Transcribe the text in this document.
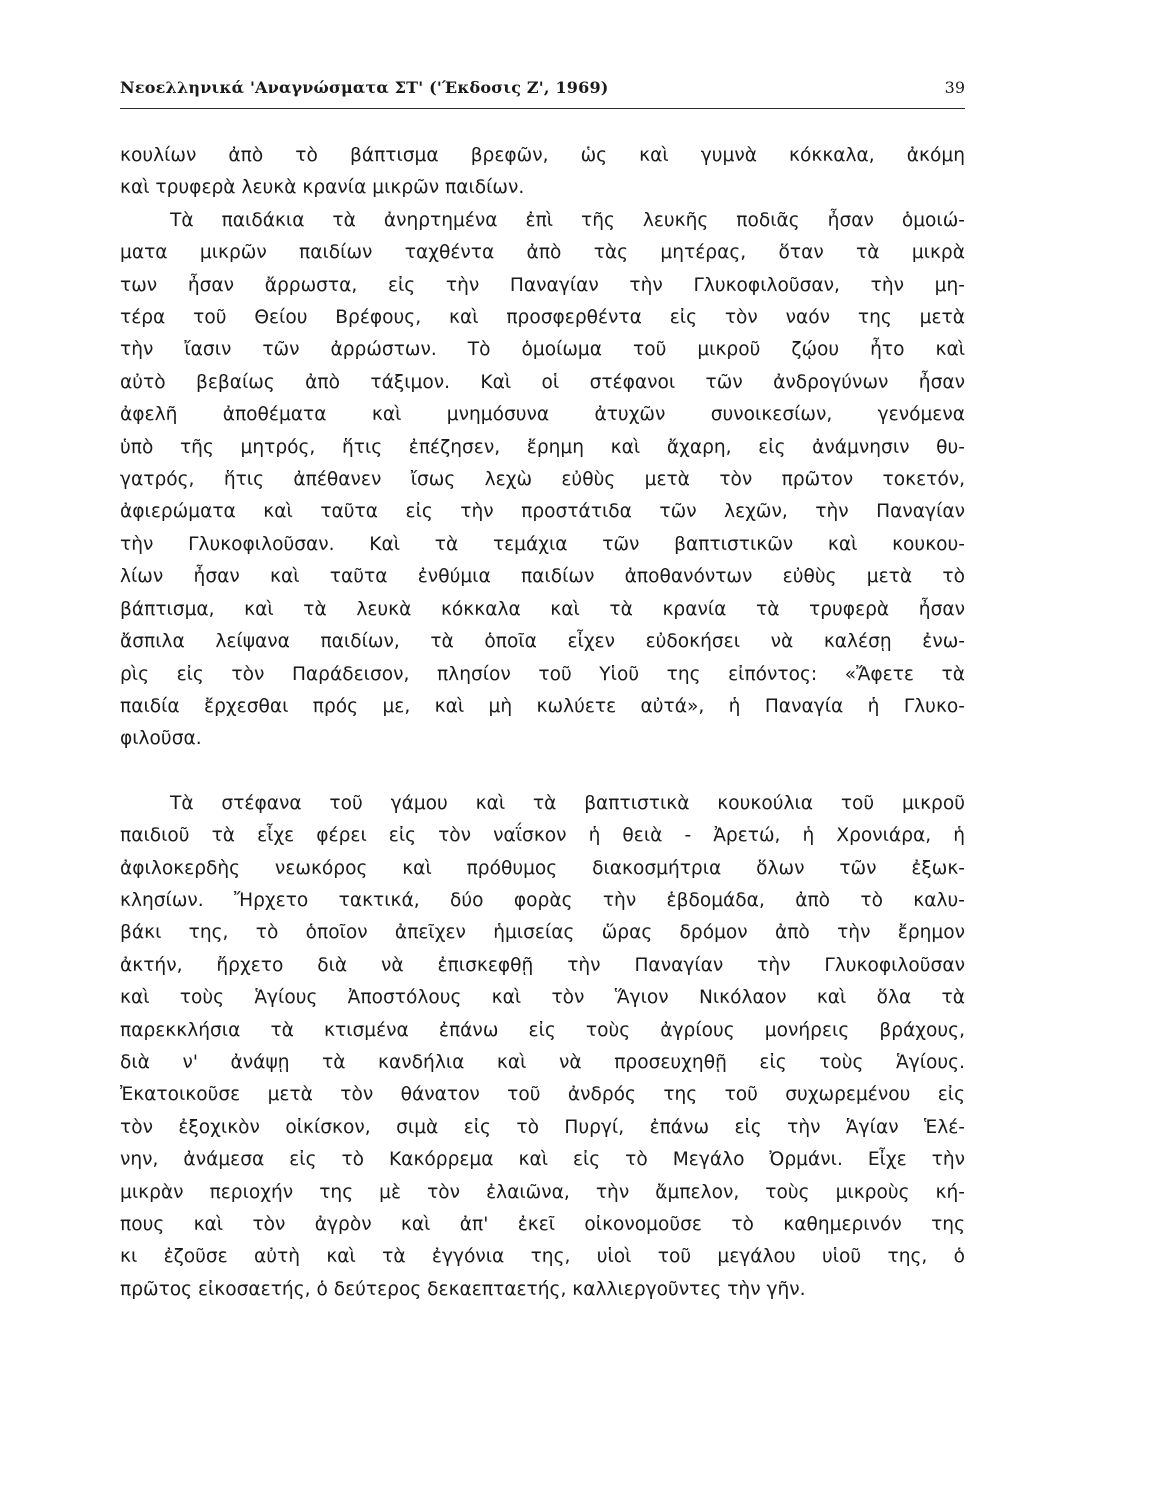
Νεοελληνικά 'Αναγνώσματα ΣΤ' ('Έκδοσις Ζ', 1969)	39

κουλίων ἀπὸ τὸ βάπτισμα βρεφῶν, ὡς καὶ γυμνὰ κόκκαλα, ἀκόμη
καὶ τρυφερὰ λευκὰ κρανία μικρῶν παιδίων.

Τὰ παιδάκια τὰ ἀνηρτημένα ἐπὶ τῆς λευκῆς ποδιᾶς ἦσαν ὁμοιώ-
ματα μικρῶν παιδίων ταχθέντα ἀπὸ τὰς μητέρας, ὅταν τὰ μικρὰ
των ἦσαν ἄρρωστα, εἰς τὴν Παναγίαν τὴν Γλυκοφιλοῦσαν, τὴν μη-
τέρα τοῦ Θείου Βρέφους, καὶ προσφερθέντα εἰς τὸν ναόν της μετὰ
τὴν ἴασιν τῶν ἀρρώστων. Τὸ ὁμοίωμα τοῦ μικροῦ ζῴου ἦτο καὶ
αὐτὸ βεβαίως ἀπὸ τάξιμον. Καὶ οἱ στέφανοι τῶν ἀνδρογύνων ἦσαν
ἀφελῆ ἀποθέματα καὶ μνημόσυνα ἀτυχῶν συνοικεσίων, γενόμενα
ὑπὸ τῆς μητρός, ἥτις ἐπέζησεν, ἔρημη καὶ ἄχαρη, εἰς ἀνάμνησιν θυ-
γατρός, ἥτις ἀπέθανεν ἴσως λεχὼ εὐθὺς μετὰ τὸν πρῶτον τοκετόν,
ἀφιερώματα καὶ ταῦτα εἰς τὴν προστάτιδα τῶν λεχῶν, τὴν Παναγίαν
τὴν Γλυκοφιλοῦσαν. Καὶ τὰ τεμάχια τῶν βαπτιστικῶν καὶ κουκου-
λίων ἦσαν καὶ ταῦτα ἐνθύμια παιδίων ἀποθανόντων εὐθὺς μετὰ τὸ
βάπτισμα, καὶ τὰ λευκὰ κόκκαλα καὶ τὰ κρανία τὰ τρυφερὰ ἦσαν
ἄσπιλα λείψανα παιδίων, τὰ ὁποῖα εἶχεν εὐδοκήσει νὰ καλέσῃ ἐνω-
ρὶς εἰς τὸν Παράδεισον, πλησίον τοῦ Υἱοῦ της εἰπόντος: «Ἄφετε τὰ
παιδία ἔρχεσθαι πρός με, καὶ μὴ κωλύετε αὐτά», ἡ Παναγία ἡ Γλυκο-
φιλοῦσα.

Τὰ στέφανα τοῦ γάμου καὶ τὰ βαπτιστικὰ κουκούλια τοῦ μικροῦ
παιδιοῦ τὰ εἶχε φέρει εἰς τὸν ναΐσκον ἡ θειὰ - Ἀρετώ, ἡ Χρονιάρα, ἡ
ἀφιλοκερδὴς νεωκόρος καὶ πρόθυμος διακοσμήτρια ὅλων τῶν ἐξωκ-
κλησίων. Ἤρχετο τακτικά, δύο φορὰς τὴν ἑβδομάδα, ἀπὸ τὸ καλυ-
βάκι της, τὸ ὁποῖον ἀπεῖχεν ἡμισείας ὥρας δρόμον ἀπὸ τὴν ἔρημον
ἀκτήν, ἤρχετο διὰ νὰ ἐπισκεφθῇ τὴν Παναγίαν τὴν Γλυκοφιλοῦσαν
καὶ τοὺς Ἁγίους Ἀποστόλους καὶ τὸν Ἅγιον Νικόλαον καὶ ὅλα τὰ
παρεκκλήσια τὰ κτισμένα ἐπάνω εἰς τοὺς ἀγρίους μονήρεις βράχους,
διὰ ν' ἀνάψῃ τὰ κανδήλια καὶ νὰ προσευχηθῇ εἰς τοὺς Ἁγίους.
Ἐκατοικοῦσε μετὰ τὸν θάνατον τοῦ ἀνδρός της τοῦ συχωρεμένου εἰς
τὸν ἐξοχικὸν οἰκίσκον, σιμὰ εἰς τὸ Πυργί, ἐπάνω εἰς τὴν Ἁγίαν Ἑλέ-
νην, ἀνάμεσα εἰς τὸ Κακόρρεμα καὶ εἰς τὸ Μεγάλο Ὀρμάνι. Εἶχε τὴν
μικρὰν περιοχήν της μὲ τὸν ἐλαιῶνα, τὴν ἄμπελον, τοὺς μικροὺς κή-
πους καὶ τὸν ἀγρὸν καὶ ἀπ' ἐκεῖ οἰκονομοῦσε τὸ καθημερινόν της
κι ἐζοῦσε αὐτὴ καὶ τὰ ἐγγόνια της, υἱοὶ τοῦ μεγάλου υἱοῦ της, ὁ
πρῶτος εἰκοσαετής, ὁ δεύτερος δεκαεπταετής, καλλιεργοῦντες τὴν γῆν.
